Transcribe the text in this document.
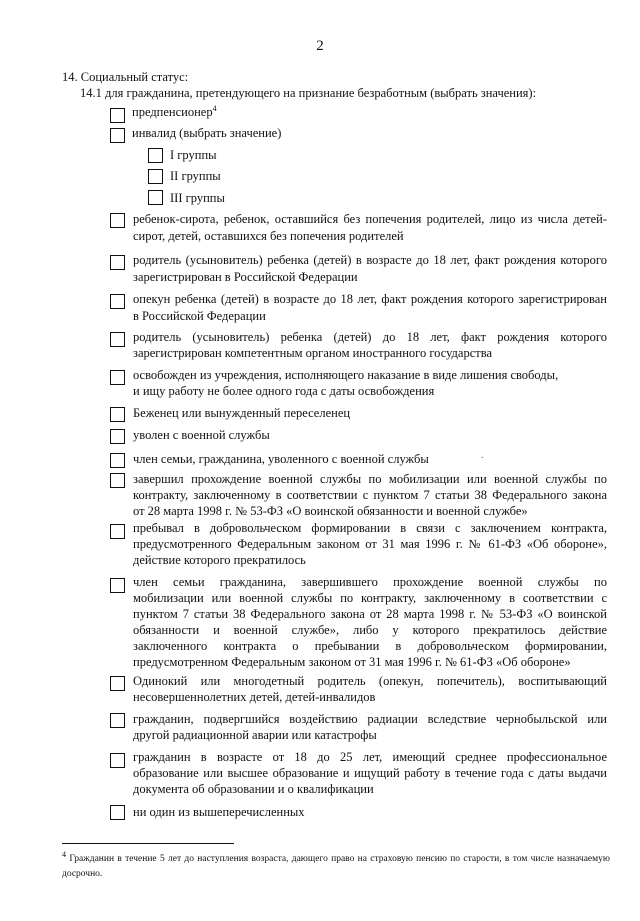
2
14. Социальный статус:
14.1 для гражданина, претендующего на признание безработным (выбрать значения):
предпенсионер$^4$
инвалид (выбрать значение)
I группы
II группы
III группы
ребенок-сирота, ребенок, оставшийся без попечения родителей, лицо из числа детей-
сирот, детей, оставшихся без попечения родителей
родитель (усыновитель) ребенка (детей) в возрасте до 18 лет, факт рождения которого
зарегистрирован в Российской Федерации
опекун ребенка (детей) в возрасте до 18 лет, факт рождения которого зарегистрирован
в Российской Федерации
родитель (усыновитель) ребенка (детей) до 18 лет, факт рождения которого
зарегистрирован компетентным органом иностранного государства
освобожден из учреждения, исполняющего наказание в виде лишения свободы,
и ищу работу не более одного года с даты освобождения
Беженец или вынужденный переселенец
уволен с военной службы
.
член семьи, гражданина, уволенного с военной службы
завершил прохождение военной службы по мобилизации или военной службы по
контракту, заключенному в соответствии с пунктом 7 статьи 38 Федерального закона
от 28 марта 1998 г. № 53-ФЗ «О воинской обязанности и военной службе»
пребывал в добровольческом формировании в связи с заключением контракта,
предусмотренного Федеральным законом от 31 мая 1996 г. № 61-ФЗ «Об обороне»,
действие которого прекратилось
член семьи гражданина, завершившего прохождение военной службы по
мобилизации или военной службы по контракту, заключенному в соответствии с
пунктом 7 статьи 38 Федерального закона от 28 марта 1998 г. № 53-ФЗ «О воинской
обязанности и военной службе», либо у которого прекратилось действие
заключенного контракта о пребывании в добровольческом формировании,
предусмотренном Федеральным законом от 31 мая 1996 г. № 61-ФЗ «Об обороне»
Одинокий или многодетный родитель (опекун, попечитель), воспитывающий
несовершеннолетних детей, детей-инвалидов
гражданин, подвергшийся воздействию радиации вследствие чернобыльской или
другой радиационной аварии или катастрофы
гражданин в возрасте от 18 до 25 лет, имеющий среднее профессиональное
образование или высшее образование и ищущий работу в течение года с даты выдачи
документа об образовании и о квалификации
ни один из вышеперечисленных
$^4$ Гражданин в течение 5 лет до наступления возраста, дающего право на страховую пенсию по старости, в том числе назначаемую досрочно.
